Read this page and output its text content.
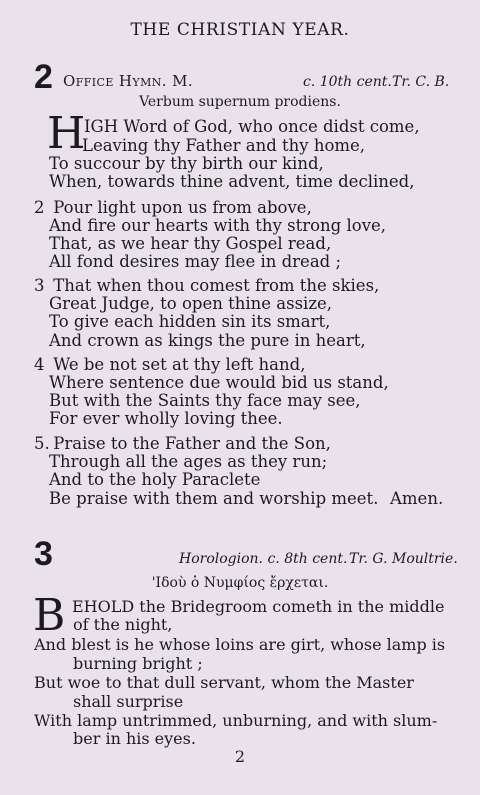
THE CHRISTIAN YEAR.
2 Office Hymn. M.	c. 10th cent. Tr. C. B.
Verbum supernum prodiens.
H
IGH Word of God, who once didst come,
Leaving thy Father and thy home,
To succour by thy birth our kind,
When, towards thine advent, time declined,
2 Pour light upon us from above,
And fire our hearts with thy strong love,
That, as we hear thy Gospel read,
All fond desires may flee in dread ;
3 That when thou comest from the skies,
Great Judge, to open thine assize,
To give each hidden sin its smart,
And crown as kings the pure in heart,
4 We be not set at thy left hand,
Where sentence due would bid us stand,
But with the Saints thy face may see,
For ever wholly loving thee.
5. Praise to the Father and the Son,
Through all the ages as they run;
And to the holy Paraclete
Be praise with them and worship meet. Amen.
3	Horologion. c. 8th cent. Tr. G. Moultrie.
'Ιδοὺ ὁ Νυμφίος ἔρχεται.
B EHOLD the Bridegroom cometh in the middle
of the night,
And blest is he whose loins are girt, whose lamp is
burning bright ;
But woe to that dull servant, whom the Master
shall surprise
With lamp untrimmed, unburning, and with slum-
ber in his eyes.
2
